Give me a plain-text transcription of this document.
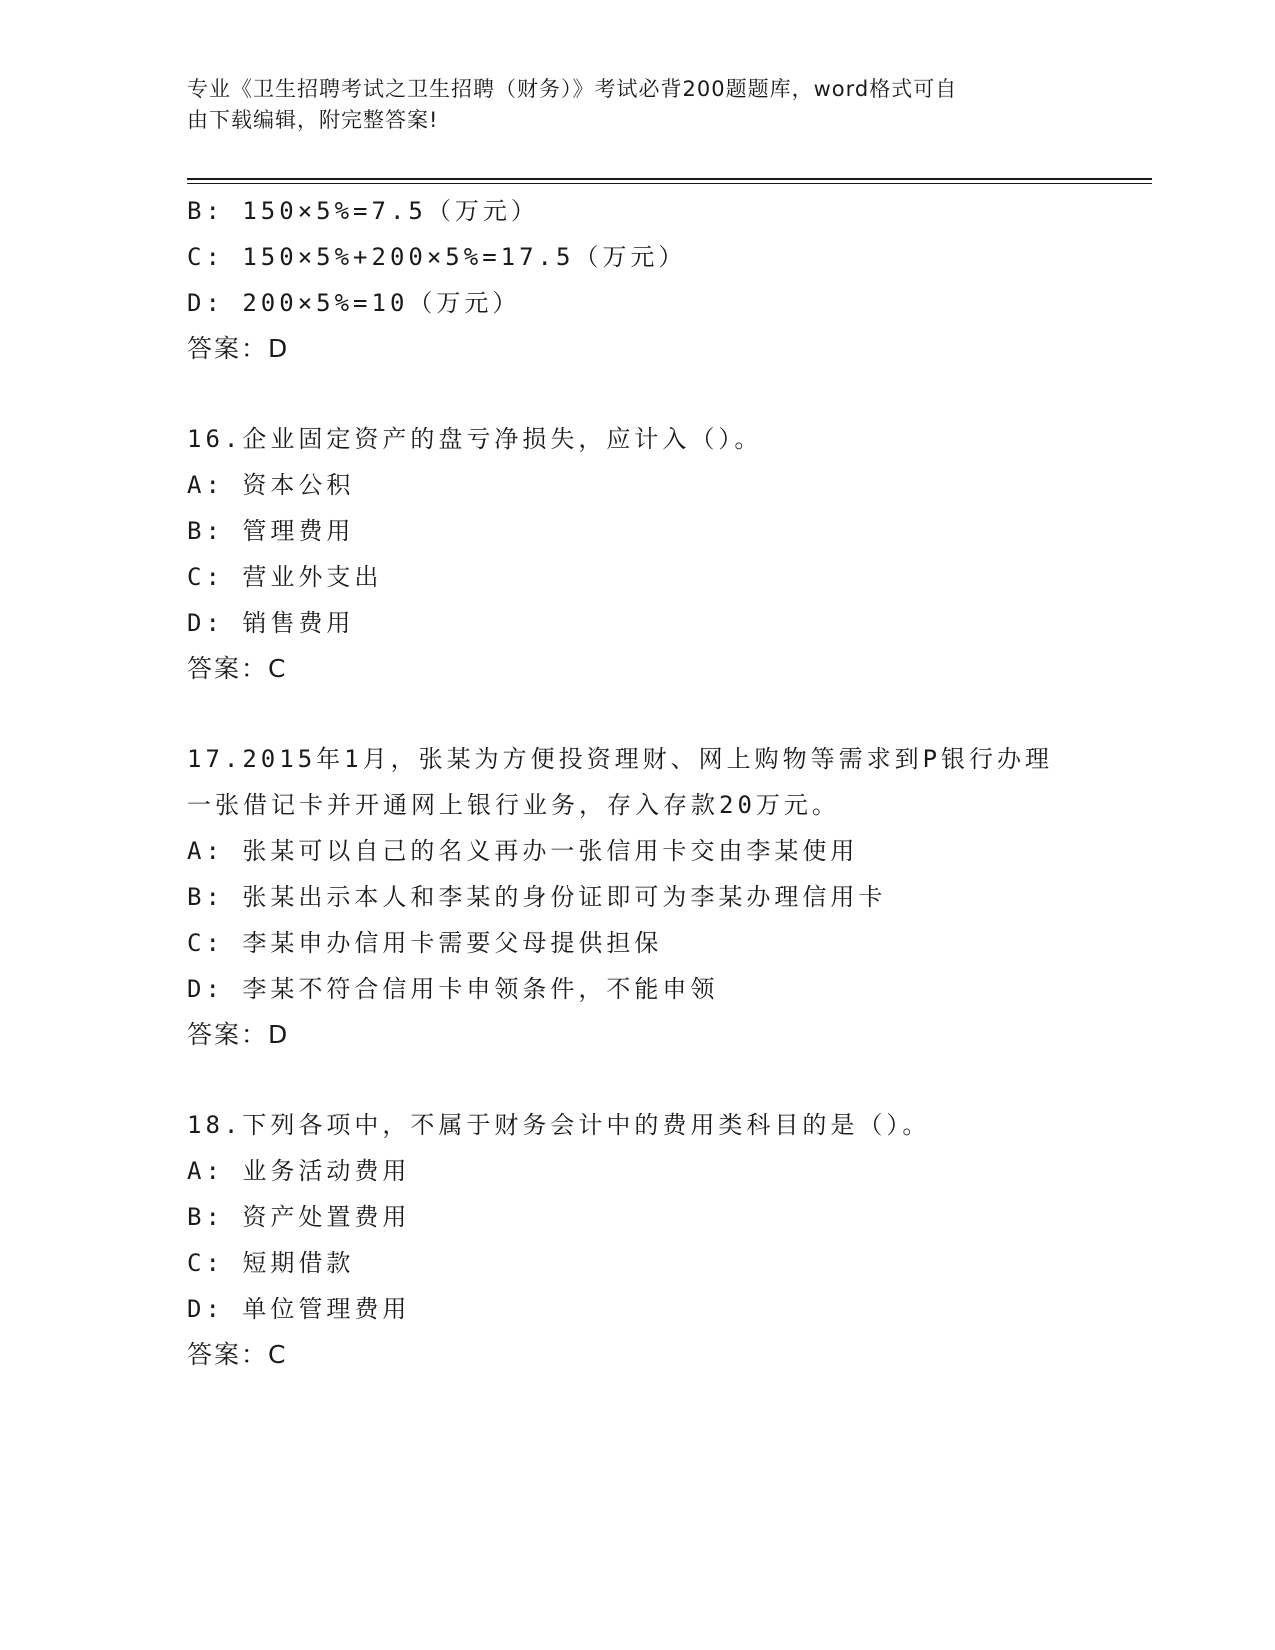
专业《卫生招聘考试之卫生招聘（财务）》考试必背200题题库，word格式可自
由下载编辑，附完整答案!
B: 150×5%=7.5（万元）
C: 150×5%+200×5%=17.5（万元）
D: 200×5%=10（万元）
答案：D
16.企业固定资产的盘亏净损失，应计入（）。
A: 资本公积
B: 管理费用
C: 营业外支出
D: 销售费用
答案：C
17.2015年1月，张某为方便投资理财、网上购物等需求到P银行办理
一张借记卡并开通网上银行业务，存入存款20万元。
A: 张某可以自己的名义再办一张信用卡交由李某使用
B: 张某出示本人和李某的身份证即可为李某办理信用卡
C: 李某申办信用卡需要父母提供担保
D: 李某不符合信用卡申领条件，不能申领
答案：D
18.下列各项中，不属于财务会计中的费用类科目的是（）。
A: 业务活动费用
B: 资产处置费用
C: 短期借款
D: 单位管理费用
答案：C
